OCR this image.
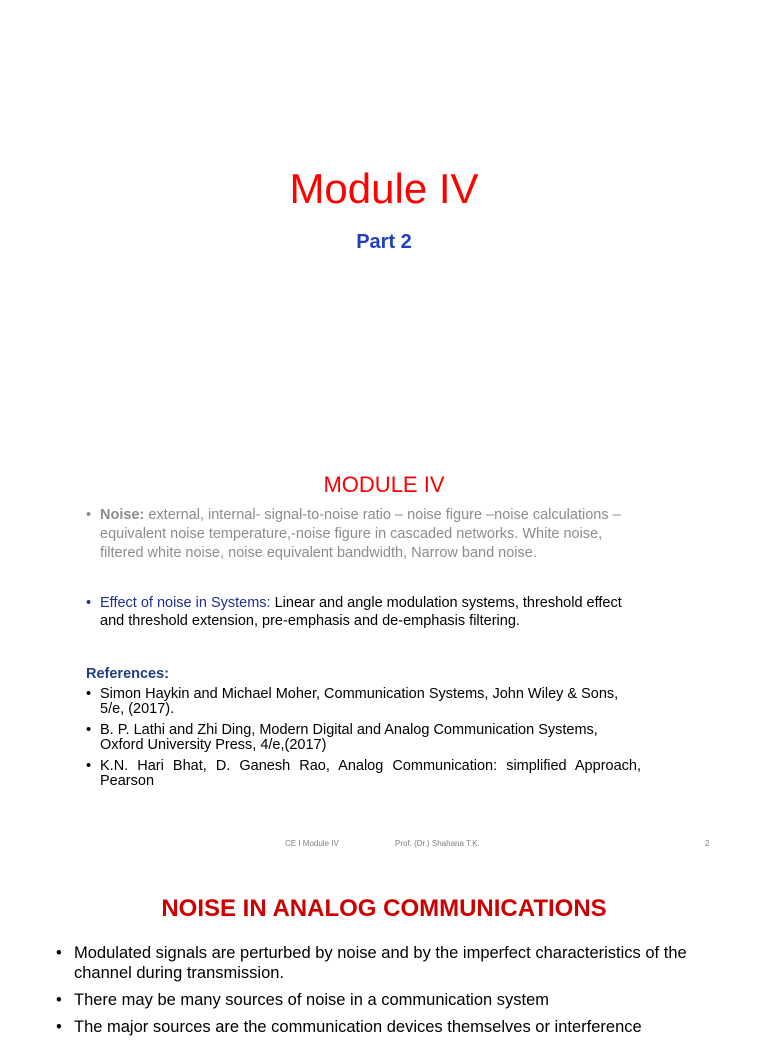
Module IV
Part 2
MODULE IV
• Noise: external, internal- signal-to-noise ratio – noise figure –noise calculations – equivalent noise temperature,-noise figure in cascaded networks. White noise, filtered white noise, noise equivalent bandwidth, Narrow band noise.
• Effect of noise in Systems: Linear and angle modulation systems, threshold effect and threshold extension, pre-emphasis and de-emphasis filtering.
References:
• Simon Haykin and Michael Moher, Communication Systems, John Wiley & Sons, 5/e, (2017).
• B. P. Lathi and Zhi Ding, Modern Digital and Analog Communication Systems, Oxford University Press, 4/e,(2017)
• K.N. Hari Bhat, D. Ganesh Rao, Analog Communication: simplified Approach, Pearson
CE I Module IV	Prof. (Dr.) Shahana T.K.	2
NOISE IN ANALOG COMMUNICATIONS
• Modulated signals are perturbed by noise and by the imperfect characteristics of the channel during transmission.
• There may be many sources of noise in a communication system
• The major sources are the communication devices themselves or interference
